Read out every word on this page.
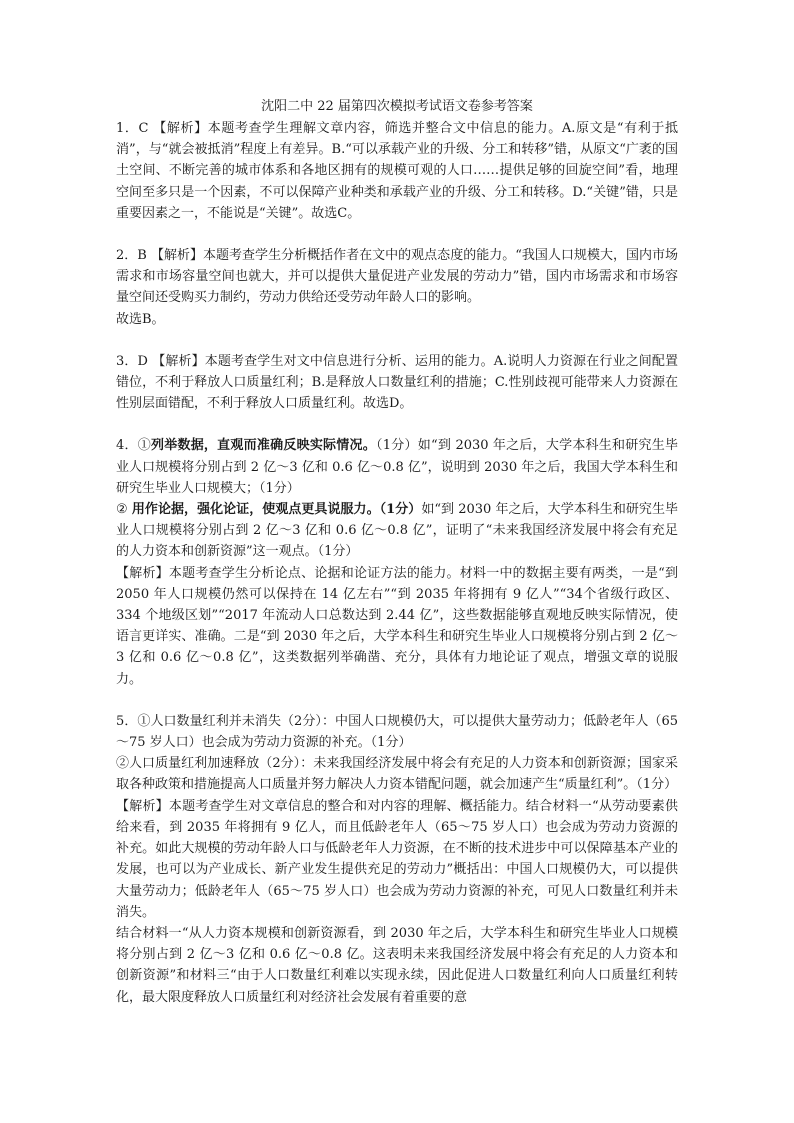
沈阳二中 22 届第四次模拟考试语文卷参考答案

1．C 【解析】本题考查学生理解文章内容，筛选并整合文中信息的能力。A.原文是“有利于抵消”，与“就会被抵消”程度上有差异。B.“可以承载产业的升级、分工和转移”错，从原文“广袤的国土空间、不断完善的城市体系和各地区拥有的规模可观的人口……提供足够的回旋空间”看，地理空间至多只是一个因素，不可以保障产业种类和承载产业的升级、分工和转移。D.“关键”错，只是重要因素之一，不能说是“关键”。故选C。

2．B 【解析】本题考查学生分析概括作者在文中的观点态度的能力。“我国人口规模大，国内市场需求和市场容量空间也就大，并可以提供大量促进产业发展的劳动力”错，国内市场需求和市场容量空间还受购买力制约，劳动力供给还受劳动年龄人口的影响。

故选B。

3．D 【解析】本题考查学生对文中信息进行分析、运用的能力。A.说明人力资源在行业之间配置错位，不利于释放人口质量红利；B.是释放人口数量红利的措施；C.性别歧视可能带来人力资源在性别层面错配，不利于释放人口质量红利。故选D。

4．①列举数据，直观而准确反映实际情况。（1分）如“到 2030 年之后，大学本科生和研究生毕业人口规模将分别占到 2 亿～3 亿和 0.6 亿～0.8 亿”，说明到 2030 年之后，我国大学本科生和研究生毕业人口规模大；（1分）

② 用作论据，强化论证，使观点更具说服力。（1分）如“到 2030 年之后，大学本科生和研究生毕业人口规模将分别占到 2 亿～3 亿和 0.6 亿～0.8 亿”，证明了“未来我国经济发展中将会有充足的人力资本和创新资源”这一观点。（1分）

【解析】本题考查学生分析论点、论据和论证方法的能力。材料一中的数据主要有两类，一是“到 2050 年人口规模仍然可以保持在 14 亿左右”“到 2035 年将拥有 9 亿人”“34个省级行政区、334 个地级区划”“2017 年流动人口总数达到 2.44 亿”，这些数据能够直观地反映实际情况，使语言更详实、准确。二是“到 2030 年之后，大学本科生和研究生毕业人口规模将分别占到 2 亿～3 亿和 0.6 亿～0.8 亿”，这类数据列举确凿、充分，具体有力地论证了观点，增强文章的说服力。

5．①人口数量红利并未消失（2分）：中国人口规模仍大，可以提供大量劳动力；低龄老年人（65～75 岁人口）也会成为劳动力资源的补充。（1分）

②人口质量红利加速释放（2分）：未来我国经济发展中将会有充足的人力资本和创新资源；国家采取各种政策和措施提高人口质量并努力解决人力资本错配问题，就会加速产生“质量红利”。（1分）

【解析】本题考查学生对文章信息的整合和对内容的理解、概括能力。结合材料一“从劳动要素供给来看，到 2035 年将拥有 9 亿人，而且低龄老年人（65～75 岁人口）也会成为劳动力资源的补充。如此大规模的劳动年龄人口与低龄老年人力资源，在不断的技术进步中可以保障基本产业的发展，也可以为产业成长、新产业发生提供充足的劳动力”概括出：中国人口规模仍大，可以提供大量劳动力；低龄老年人（65～75 岁人口）也会成为劳动力资源的补充，可见人口数量红利并未消失。

结合材料一“从人力资本规模和创新资源看，到 2030 年之后，大学本科生和研究生毕业人口规模将分别占到 2 亿～3 亿和 0.6 亿～0.8 亿。这表明未来我国经济发展中将会有充足的人力资本和创新资源”和材料三“由于人口数量红利难以实现永续，因此促进人口数量红利向人口质量红利转化，最大限度释放人口质量红利对经济社会发展有着重要的意
